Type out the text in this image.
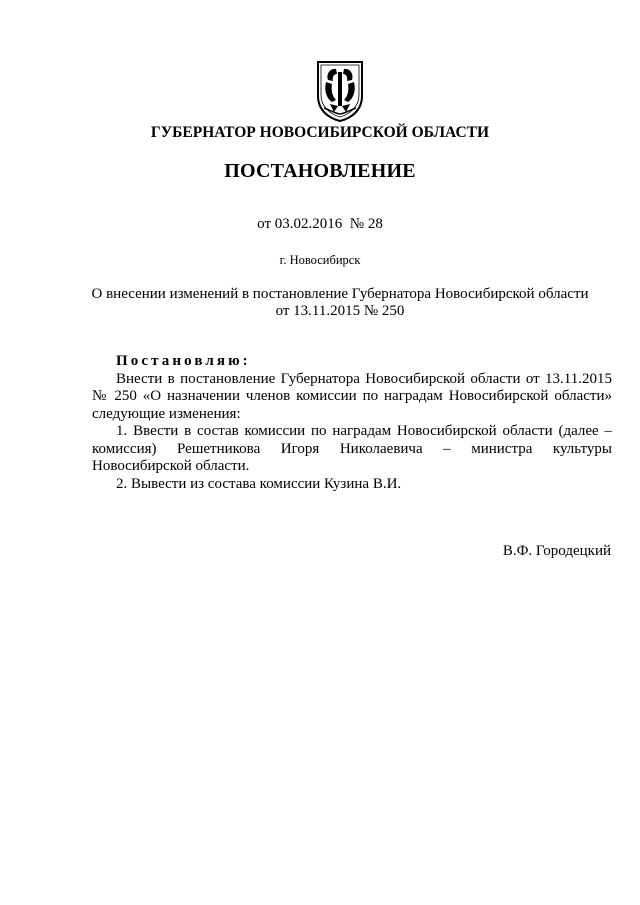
ГУБЕРНАТОР НОВОСИБИРСКОЙ ОБЛАСТИ
ПОСТАНОВЛЕНИЕ
от 03.02.2016  № 28
г. Новосибирск
О внесении изменений в постановление Губернатора Новосибирской области
от 13.11.2015 № 250

Постановляю:

Внести в постановление Губернатора Новосибирской области от 13.11.2015 № 250 «О назначении членов комиссии по наградам Новосибирской области» следующие изменения:

1. Ввести в состав комиссии по наградам Новосибирской области (далее – комиссия) Решетникова Игоря Николаевича – министра культуры Новосибирской области.

2. Вывести из состава комиссии Кузина В.И.

В.Ф. Городецкий
